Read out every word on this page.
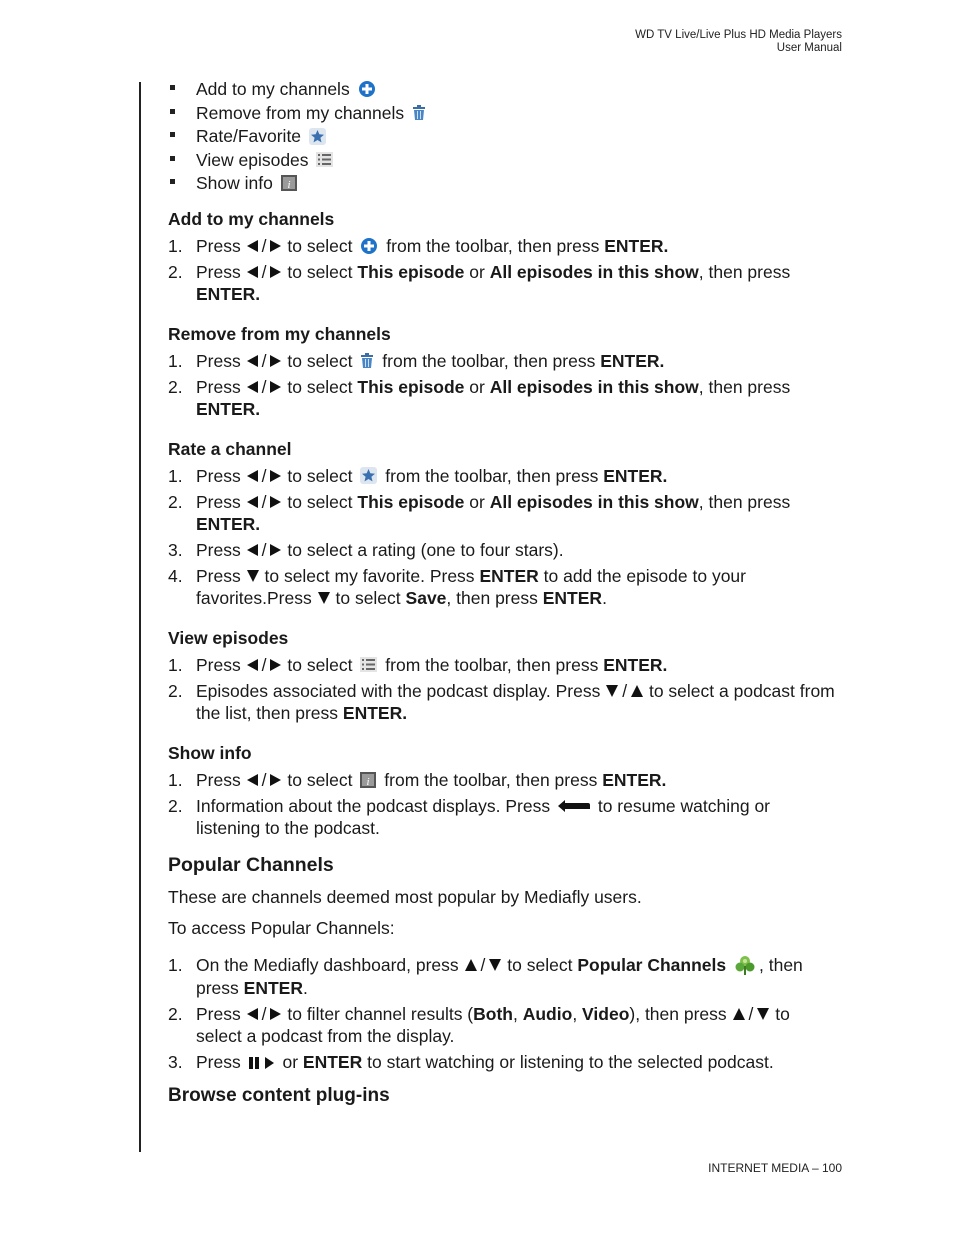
WD TV Live/Live Plus HD Media Players
User Manual
Add to my channels
Remove from my channels
Rate/Favorite
View episodes
Show info i
Add to my channels
1. Press / to select from the toolbar, then press ENTER.
2. Press / to select This episode or All episodes in this show, then press
ENTER.
Remove from my channels
1. Press / to select from the toolbar, then press ENTER.
2. Press / to select This episode or All episodes in this show, then press
ENTER.
Rate a channel
1. Press / to select from the toolbar, then press ENTER.
2. Press / to select This episode or All episodes in this show, then press
ENTER.
3. Press / to select a rating (one to four stars).
4. Press to select my favorite. Press ENTER to add the episode to your favorites.Press to select Save, then press ENTER.
View episodes
1. Press / to select from the toolbar, then press ENTER.
2. Episodes associated with the podcast display. Press / to select a podcast from the list, then press ENTER.
Show info
1. Press / to select i from the toolbar, then press ENTER.
2. Information about the podcast displays. Press	to resume watching or listening to the podcast.
Popular Channels

These are channels deemed most popular by Mediafly users.

To access Popular Channels:

1. On the Mediafly dashboard, press / to select Popular Channels , then press ENTER.
2. Press / to filter channel results (Both, Audio, Video), then press / to select a podcast from the display.
3. Press or ENTER to start watching or listening to the selected podcast.
Browse content plug-ins
INTERNET MEDIA – 100
